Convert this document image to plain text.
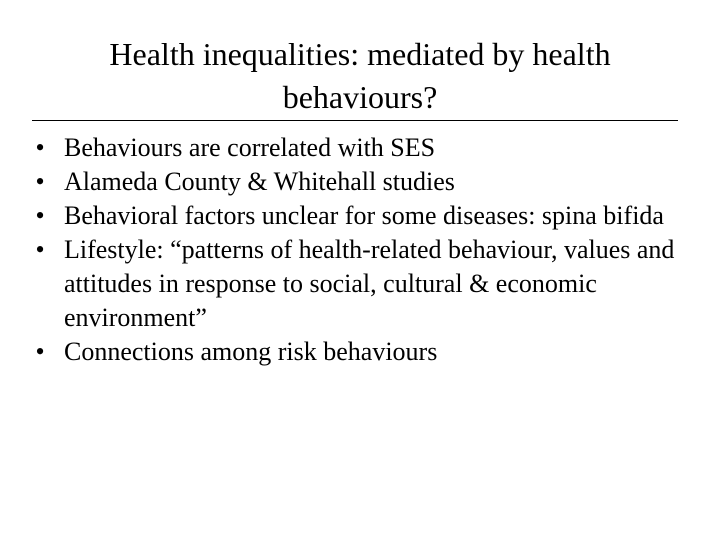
Health inequalities: mediated by health behaviours?
• Behaviours are correlated with SES
• Alameda County & Whitehall studies
• Behavioral factors unclear for some diseases: spina bifida
• Lifestyle: “patterns of health-related behaviour, values and attitudes in response to social, cultural & economic environment”
• Connections among risk behaviours
